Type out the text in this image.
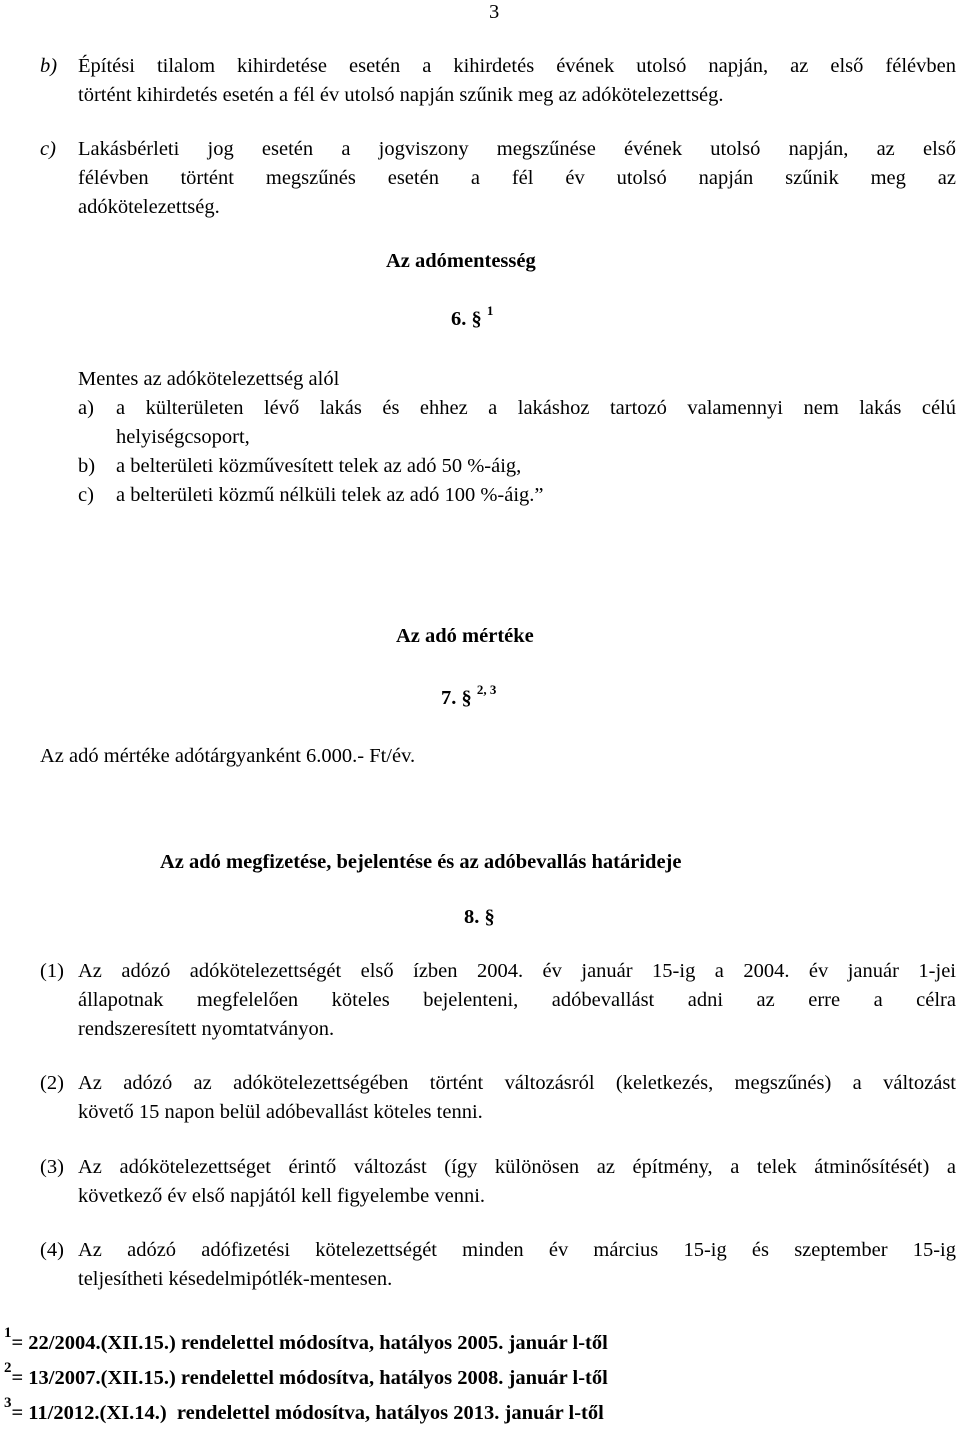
3
b) Építési tilalom kihirdetése esetén a kihirdetés évének utolsó napján, az első félévben
történt kihirdetés esetén a fél év utolsó napján szűnik meg az adókötelezettség.
c) Lakásbérleti jog esetén a jogviszony megszűnése évének utolsó napján, az első
félévben történt megszűnés esetén a fél év utolsó napján szűnik meg az
adókötelezettség.
Az adómentesség
6. § $^1$
Mentes az adókötelezettség alól
a) a külterületen lévő lakás és ehhez a lakáshoz tartozó valamennyi nem lakás célú
helyiségcsoport,
b) a belterületi közművesített telek az adó 50 %-áig,
c) a belterületi közmű nélküli telek az adó 100 %-áig.”
Az adó mértéke
7. § $^{2, 3}$
Az adó mértéke adótárgyanként 6.000.- Ft/év.
Az adó megfizetése, bejelentése és az adóbevallás határideje
8. §
(1) Az adózó adókötelezettségét első ízben 2004. év január 15-ig a 2004. év január 1-jei
állapotnak megfelelően köteles bejelenteni, adóbevallást adni az erre a célra
rendszeresített nyomtatványon.
(2) Az adózó az adókötelezettségében történt változásról (keletkezés, megszűnés) a változást
követő 15 napon belül adóbevallást köteles tenni.
(3) Az adókötelezettséget érintő változást (így különösen az építmény, a telek átminősítését) a
következő év első napjától kell figyelembe venni.
(4) Az adózó adófizetési kötelezettségét minden év március 15-ig és szeptember 15-ig
teljesítheti késedelmipótlék-mentesen.
$^1$= 22/2004.(XII.15.) rendelettel módosítva, hatályos 2005. január l-től
$^2$= 13/2007.(XII.15.) rendelettel módosítva, hatályos 2008. január l-től
$^3$= 11/2012.(XI.14.)  rendelettel módosítva, hatályos 2013. január l-től
